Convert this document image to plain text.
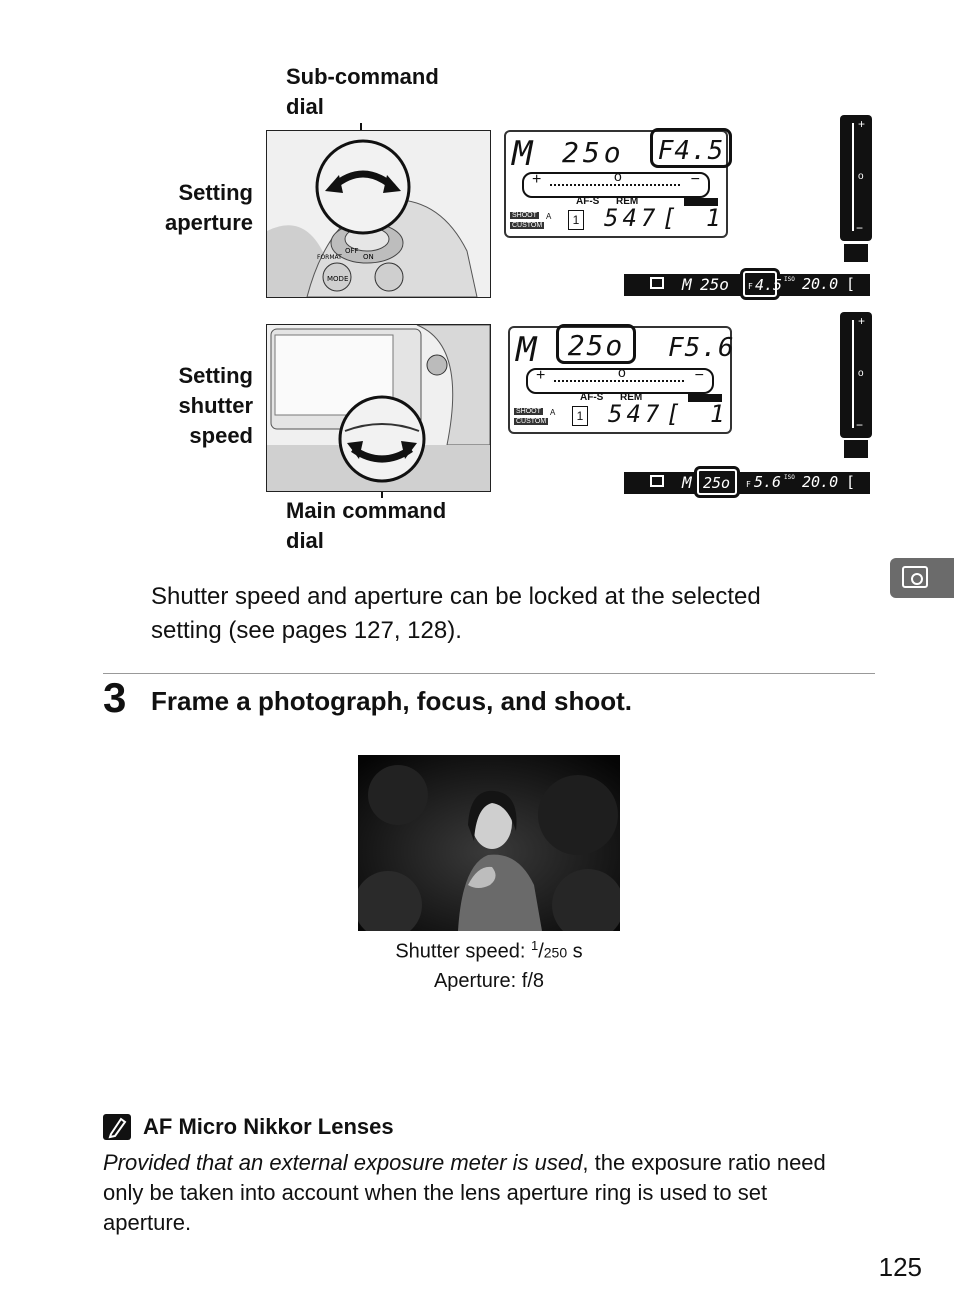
Sub-command
dial
Setting
aperture
Setting
shutter
speed
Main command
dial
MODE
FORMAT
OFF
ON
M 25o F4.5
+	o	−
AF-S REM
SHOOT
CUSTOM
A	1 547 [ 1
M 25o	F5.6
+	o	−
AF-S REM
SHOOT
CUSTOM
A	1 547 [ 1
+
o
−
+
o
−
M 25o F 4.5 ISO 20.0 [
M 25o F 5.6 ISO 20.0 [
Shutter speed and aperture can be locked at the selected
setting (see pages 127, 128).
3 Frame a photograph, focus, and shoot.
Shutter speed: $^1$/250 s
Aperture: f/8
AF Micro Nikkor Lenses
Provided that an external exposure meter is used, the exposure ratio need
only be taken into account when the lens aperture ring is used to set
aperture.
125
